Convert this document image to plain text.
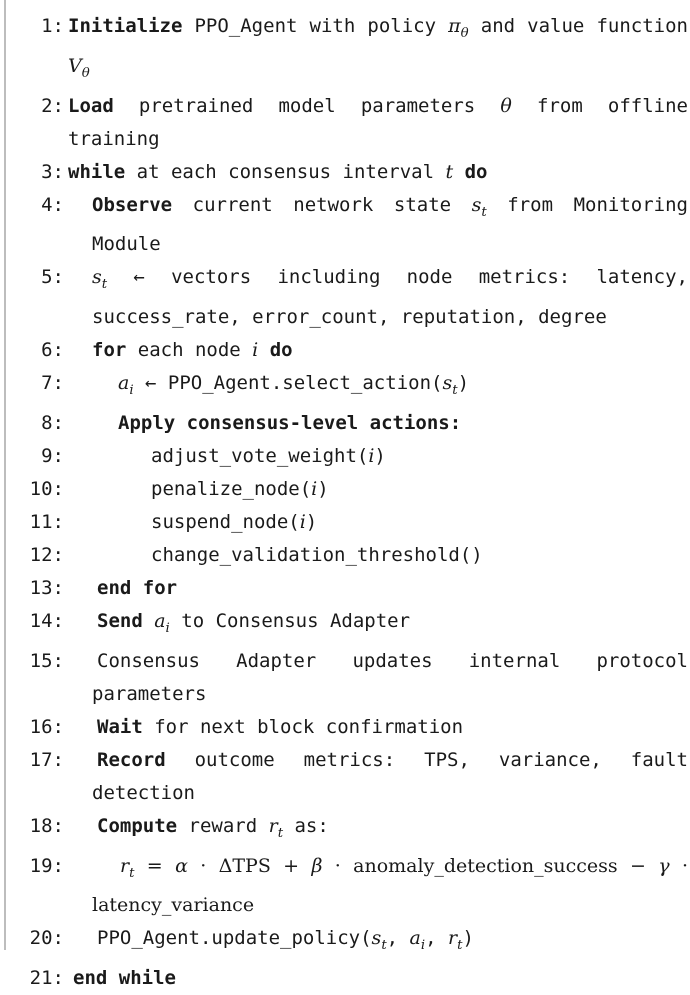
1: Initialize PPO_Agent with policy $\pi_\theta$ and value function $V_\theta$
2: Load pretrained model parameters θ from offline training
3: while at each consensus interval t do
4:	Observe current network state $s_t$ from Monitoring Module
5:	$s_t$ ← vectors including node metrics: latency, success_rate, error_count, reputation, degree
6:	for each node i do
7:	$a_i$ ← $PPO\_Agent.select\_action(s_t)$
8:	Apply consensus-level actions:
9:	adjust_vote_weight(i)
10:	penalize_node(i)
11:	suspend_node(i)
12:	change_validation_threshold()
13:	end for
14:	Send $a_i$ to Consensus Adapter
15:	Consensus Adapter updates internal protocol parameters
16:	Wait for next block confirmation
17:	Record outcome metrics: TPS, variance, fault detection
18:	Compute reward $r_t$ as:
19:	$r_t = \alpha \cdot \Delta TPS + \beta$ · anomaly_detection_success − γ · latency_variance
20:	$PPO\_Agent.update\_policy(s_t$, $a_i$, $r_t$)
21: end while
